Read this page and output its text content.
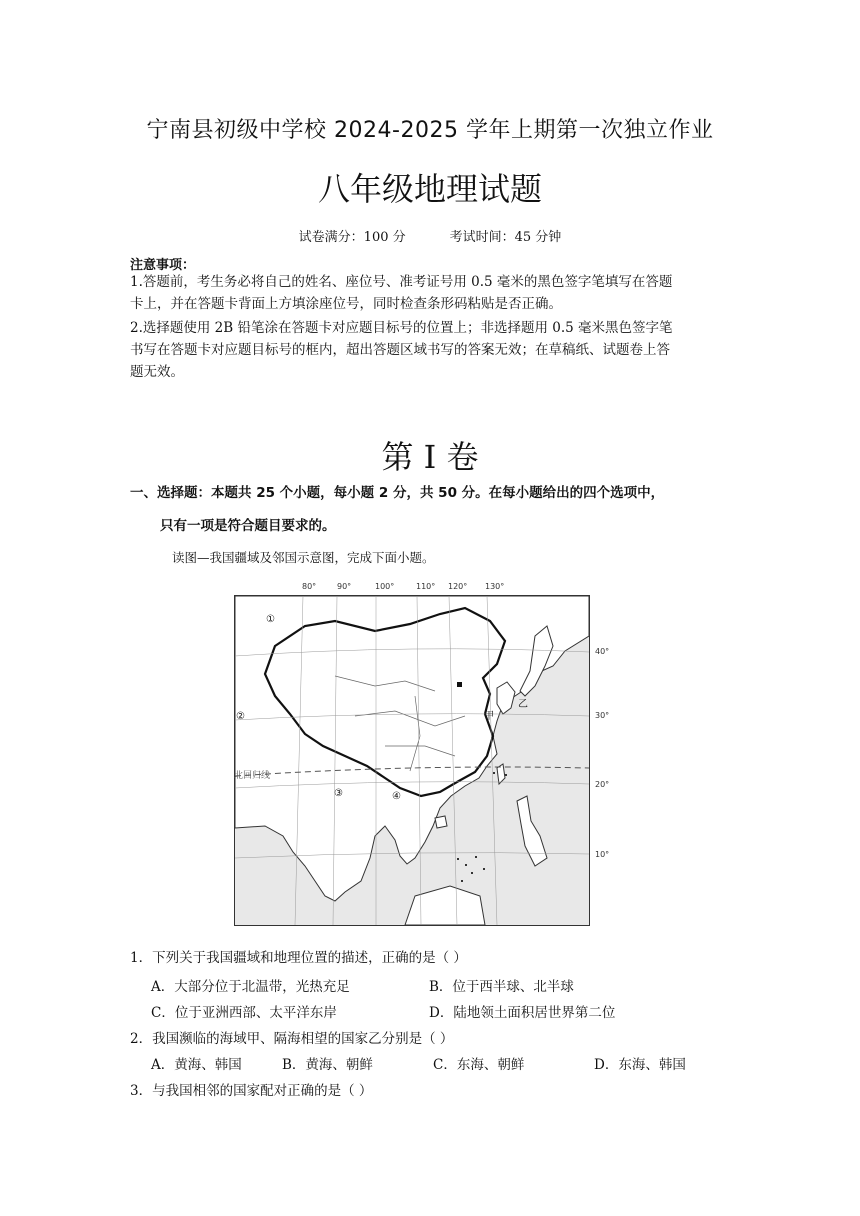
宁南县初级中学校 2024-2025 学年上期第一次独立作业
八年级地理试题
试卷满分：100 分	考试时间：45 分钟
注意事项：
1.答题前，考生务必将自己的姓名、座位号、准考证号用 0.5 毫米的黑色签字笔填写在答题
卡上，并在答题卡背面上方填涂座位号，同时检查条形码粘贴是否正确。
2.选择题使用 2B 铅笔涂在答题卡对应题目标号的位置上；非选择题用 0.5 毫米黑色签字笔
书写在答题卡对应题目标号的框内，超出答题区域书写的答案无效；在草稿纸、试题卷上答
题无效。
第 I 卷
一、选择题：本题共 25 个小题，每小题 2 分，共 50 分。在每小题给出的四个选项中，
只有一项是符合题目要求的。
读图—我国疆域及邻国示意图，完成下面小题。
80°	90°	100°	110° 120° 130°
40°
30°
20°
10°
①
②
③	④
甲
乙
北回归线
1．下列关于我国疆域和地理位置的描述，正确的是（ ）
A．大部分位于北温带，光热充足	B．位于西半球、北半球
C．位于亚洲西部、太平洋东岸	D．陆地领土面积居世界第二位
2．我国濒临的海域甲、隔海相望的国家乙分别是（ ）
A．黄海、韩国	B．黄海、朝鲜	C．东海、朝鲜	D．东海、韩国
3．与我国相邻的国家配对正确的是（ ）
